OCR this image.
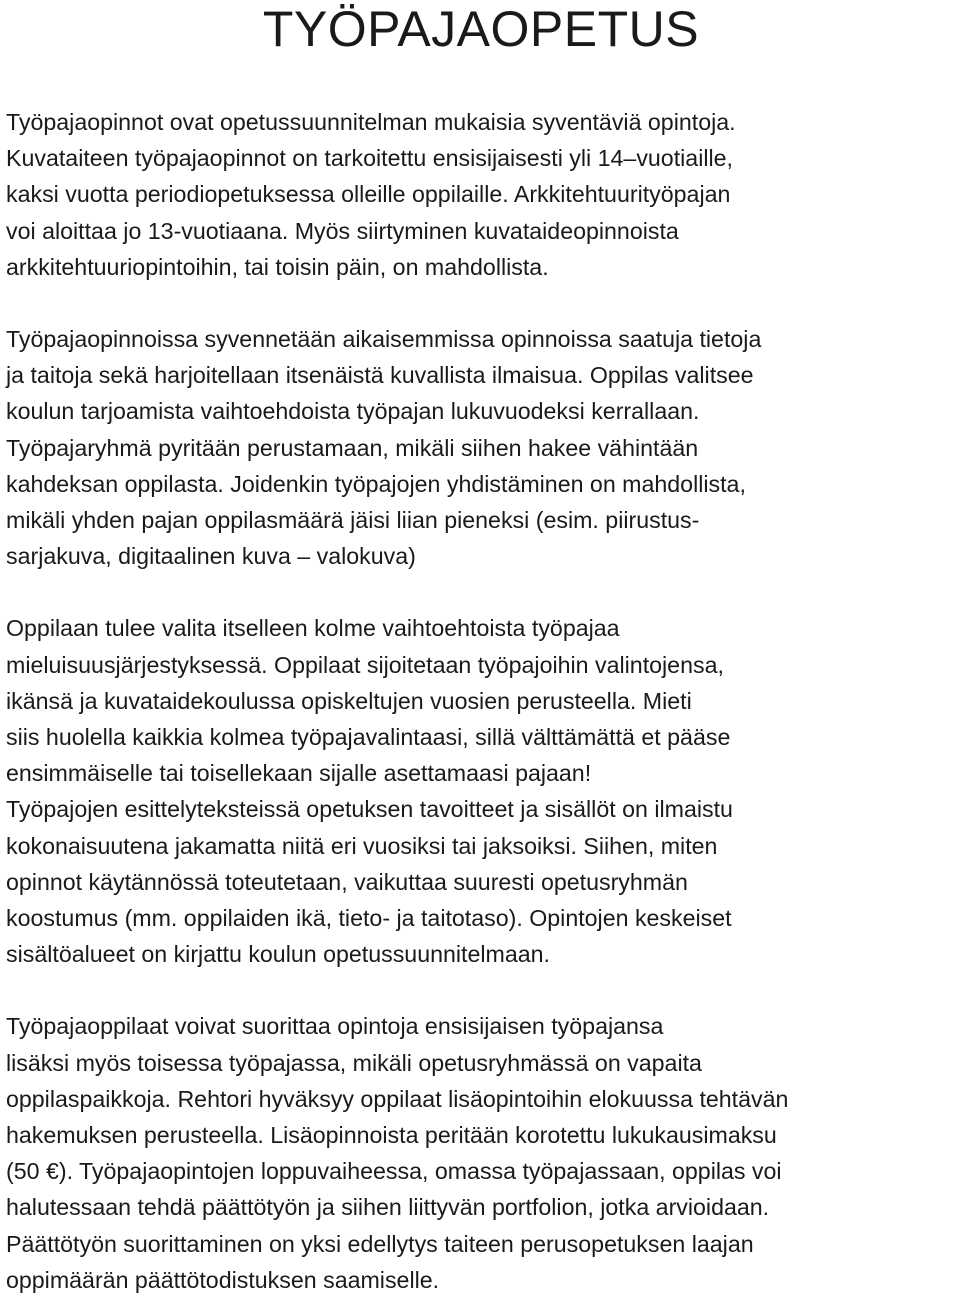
TYÖPAJAOPETUS

Työpajaopinnot ovat opetussuunnitelman mukaisia syventäviä opintoja.
Kuvataiteen työpajaopinnot on tarkoitettu ensisijaisesti yli 14–vuotiaille,
kaksi vuotta periodiopetuksessa olleille oppilaille. Arkkitehtuurityöpajan
voi aloittaa jo 13-vuotiaana. Myös siirtyminen kuvataideopinnoista
arkkitehtuuriopintoihin, tai toisin päin, on mahdollista.

Työpajaopinnoissa syvennetään aikaisemmissa opinnoissa saatuja tietoja
ja taitoja sekä harjoitellaan itsenäistä kuvallista ilmaisua. Oppilas valitsee
koulun tarjoamista vaihtoehdoista työpajan lukuvuodeksi kerrallaan.
Työpajaryhmä pyritään perustamaan, mikäli siihen hakee vähintään
kahdeksan oppilasta. Joidenkin työpajojen yhdistäminen on mahdollista,
mikäli yhden pajan oppilasmäärä jäisi liian pieneksi (esim. piirustus-
sarjakuva, digitaalinen kuva – valokuva)

Oppilaan tulee valita itselleen kolme vaihtoehtoista työpajaa
mieluisuusjärjestyksessä. Oppilaat sijoitetaan työpajoihin valintojensa,
ikänsä ja kuvataidekoulussa opiskeltujen vuosien perusteella. Mieti
siis huolella kaikkia kolmea työpajavalintaasi, sillä välttämättä et pääse
ensimmäiselle tai toisellekaan sijalle asettamaasi pajaan!
Työpajojen esittelyteksteissä opetuksen tavoitteet ja sisällöt on ilmaistu
kokonaisuutena jakamatta niitä eri vuosiksi tai jaksoiksi. Siihen, miten
opinnot käytännössä toteutetaan, vaikuttaa suuresti opetusryhmän
koostumus (mm. oppilaiden ikä, tieto- ja taitotaso). Opintojen keskeiset
sisältöalueet on kirjattu koulun opetussuunnitelmaan.

Työpajaoppilaat voivat suorittaa opintoja ensisijaisen työpajansa
lisäksi myös toisessa työpajassa, mikäli opetusryhmässä on vapaita
oppilaspaikkoja. Rehtori hyväksyy oppilaat lisäopintoihin elokuussa tehtävän
hakemuksen perusteella. Lisäopinnoista peritään korotettu lukukausimaksu
(50 €). Työpajaopintojen loppuvaiheessa, omassa työpajassaan, oppilas voi
halutessaan tehdä päättötyön ja siihen liittyvän portfolion, jotka arvioidaan.
Päättötyön suorittaminen on yksi edellytys taiteen perusopetuksen laajan
oppimäärän päättötodistuksen saamiselle.
